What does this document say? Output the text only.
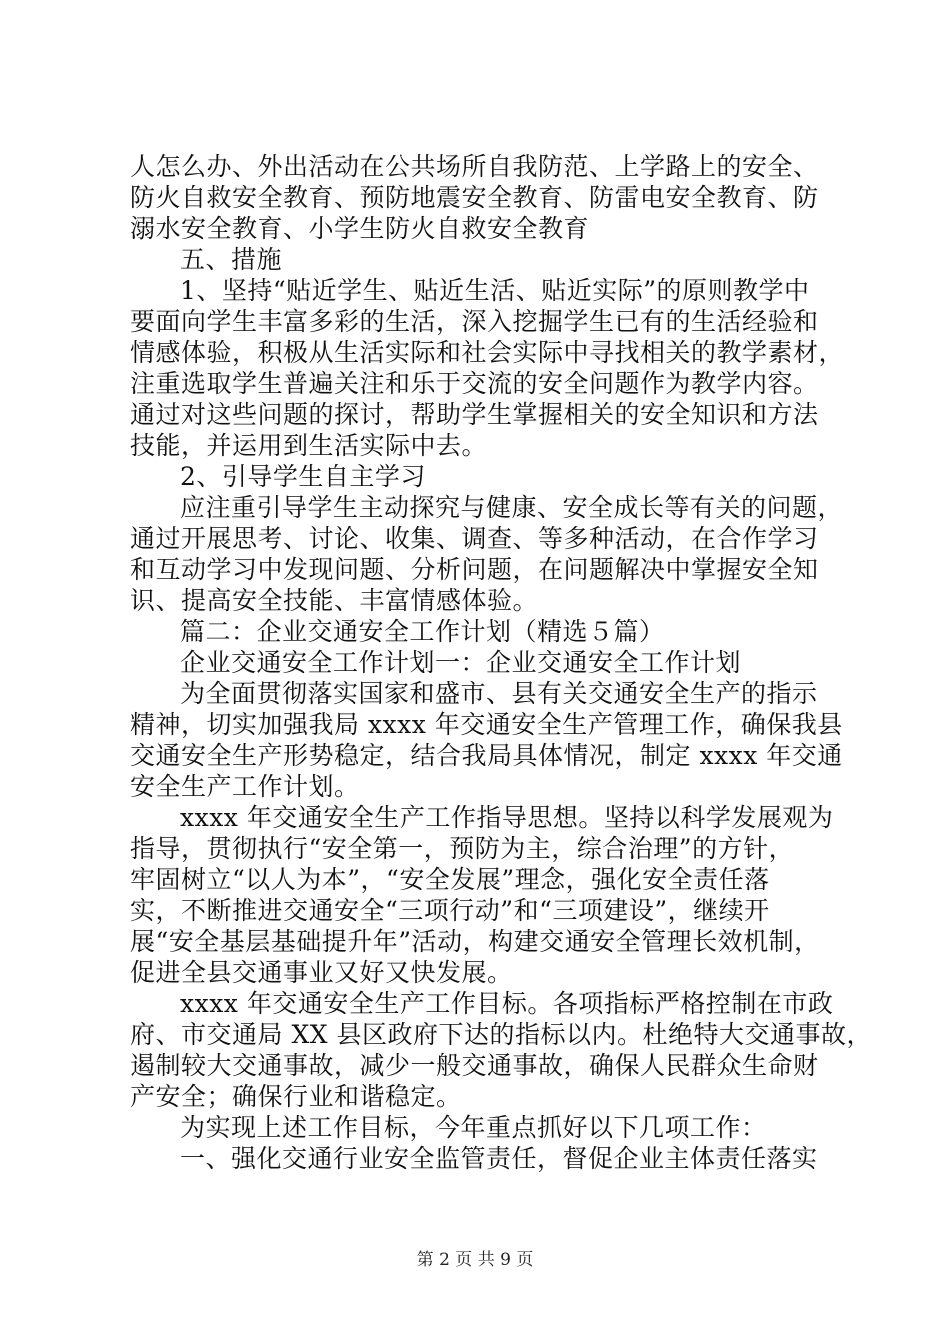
人怎么办、外出活动在公共场所自我防范、上学路上的安全、
防火自救安全教育、预防地震安全教育、防雷电安全教育、防
溺水安全教育、小学生防火自救安全教育
五、措施
1、坚持“贴近学生、贴近生活、贴近实际”的原则教学中
要面向学生丰富多彩的生活，深入挖掘学生已有的生活经验和
情感体验，积极从生活实际和社会实际中寻找相关的教学素材，
注重选取学生普遍关注和乐于交流的安全问题作为教学内容。
通过对这些问题的探讨，帮助学生掌握相关的安全知识和方法
技能，并运用到生活实际中去。
2、引导学生自主学习
应注重引导学生主动探究与健康、安全成长等有关的问题，
通过开展思考、讨论、收集、调查、等多种活动，在合作学习
和互动学习中发现问题、分析问题，在问题解决中掌握安全知
识、提高安全技能、丰富情感体验。
篇二：企业交通安全工作计划（精选５篇）
企业交通安全工作计划一：企业交通安全工作计划
为全面贯彻落实国家和盛市、县有关交通安全生产的指示
精神，切实加强我局 xxxx 年交通安全生产管理工作，确保我县
交通安全生产形势稳定，结合我局具体情况，制定 xxxx 年交通
安全生产工作计划。
xxxx 年交通安全生产工作指导思想。坚持以科学发展观为
指导，贯彻执行“安全第一，预防为主，综合治理”的方针，
牢固树立“以人为本”，“安全发展”理念，强化安全责任落
实，不断推进交通安全“三项行动”和“三项建设”，继续开
展“安全基层基础提升年”活动，构建交通安全管理长效机制，
促进全县交通事业又好又快发展。
xxxx 年交通安全生产工作目标。各项指标严格控制在市政
府、市交通局 XX 县区政府下达的指标以内。杜绝特大交通事故，
遏制较大交通事故，减少一般交通事故，确保人民群众生命财
产安全；确保行业和谐稳定。
为实现上述工作目标，今年重点抓好以下几项工作：
一、强化交通行业安全监管责任，督促企业主体责任落实
第 2 页 共 9 页
